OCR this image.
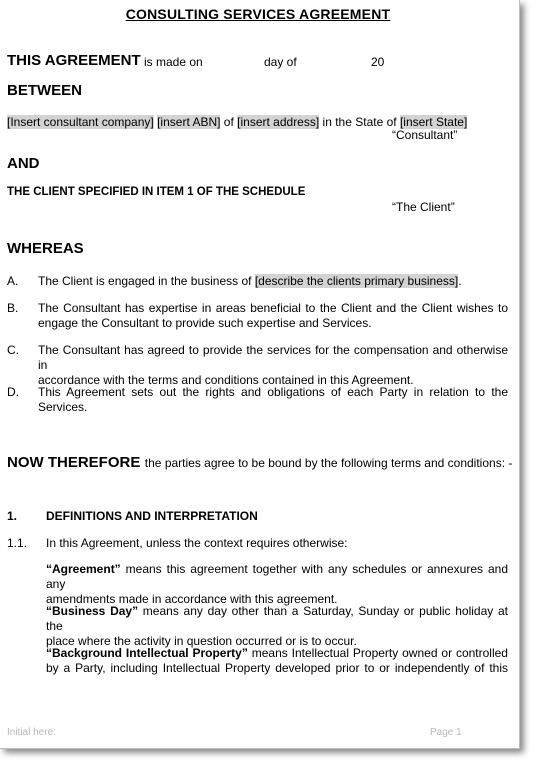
CONSULTING SERVICES AGREEMENT
THIS AGREEMENT is made on	day of	20
BETWEEN
[Insert consultant company] [insert ABN] of [insert address] in the State of [insert State]
“Consultant”
AND
THE CLIENT SPECIFIED IN ITEM 1 OF THE SCHEDULE
“The Client”
WHEREAS
A. The Client is engaged in the business of [describe the clients primary business].
B. The Consultant has expertise in areas beneficial to the Client and the Client wishes to
engage the Consultant to provide such expertise and Services.
C. The Consultant has agreed to provide the services for the compensation and otherwise in
accordance with the terms and conditions contained in this Agreement.
D. This Agreement sets out the rights and obligations of each Party in relation to the
Services.
NOW THEREFORE the parties agree to be bound by the following terms and conditions: -
1. DEFINITIONS AND INTERPRETATION
1.1. In this Agreement, unless the context requires otherwise:
“Agreement” means this agreement together with any schedules or annexures and any
amendments made in accordance with this agreement.
“Business Day” means any day other than a Saturday, Sunday or public holiday at the
place where the activity in question occurred or is to occur.
“Background Intellectual Property” means Intellectual Property owned or controlled
by a Party, including Intellectual Property developed prior to or independently of this
Initial here:	Page 1
